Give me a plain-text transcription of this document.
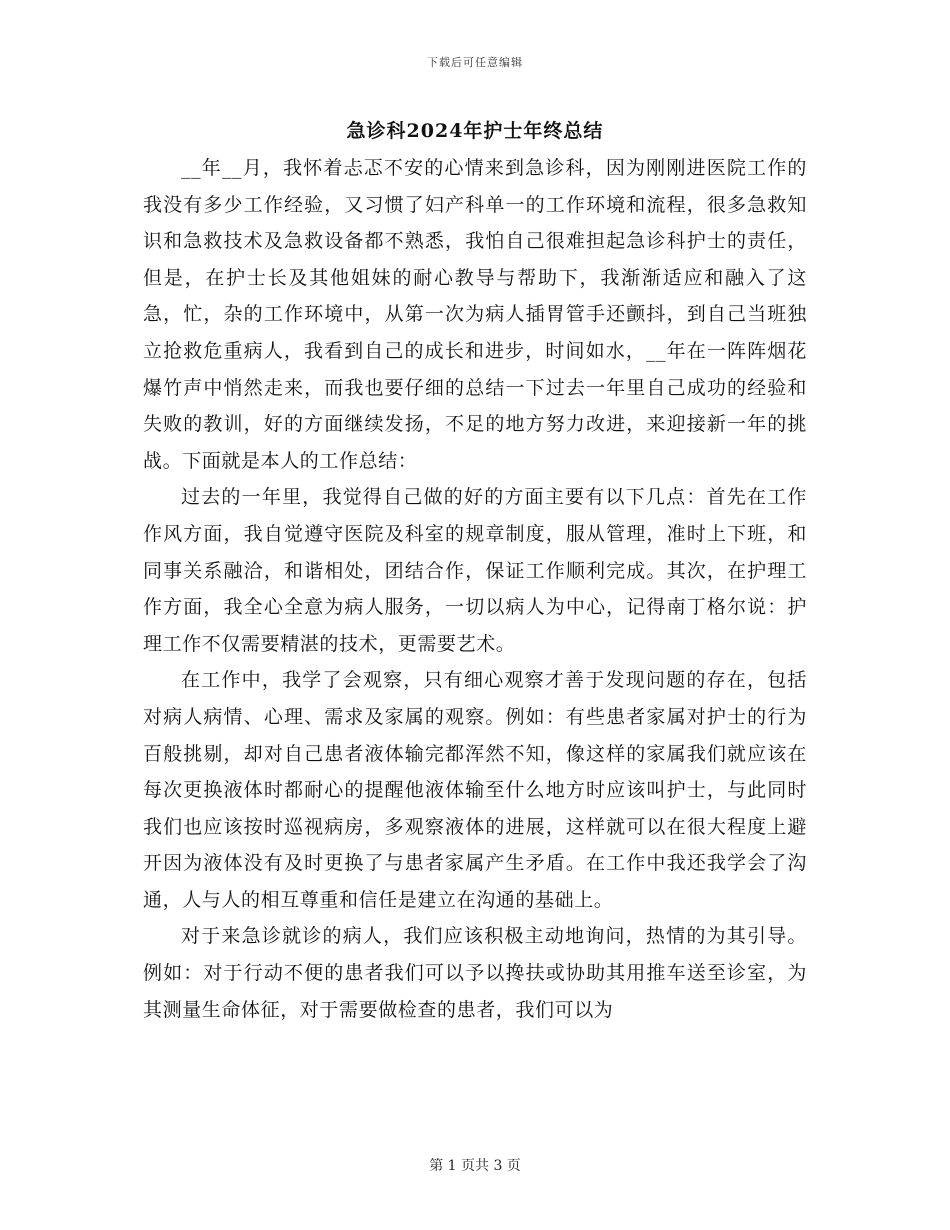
下载后可任意编辑
急诊科2024年护士年终总结

__年__月，我怀着忐忑不安的心情来到急诊科，因为刚刚进医院工作的我没有多少工作经验，又习惯了妇产科单一的工作环境和流程，很多急救知识和急救技术及急救设备都不熟悉，我怕自己很难担起急诊科护士的责任，但是，在护士长及其他姐妹的耐心教导与帮助下，我渐渐适应和融入了这急，忙，杂的工作环境中，从第一次为病人插胃管手还颤抖，到自己当班独立抢救危重病人，我看到自己的成长和进步，时间如水，__年在一阵阵烟花爆竹声中悄然走来，而我也要仔细的总结一下过去一年里自己成功的经验和失败的教训，好的方面继续发扬，不足的地方努力改进，来迎接新一年的挑战。下面就是本人的工作总结：

过去的一年里，我觉得自己做的好的方面主要有以下几点：首先在工作作风方面，我自觉遵守医院及科室的规章制度，服从管理，准时上下班，和同事关系融洽，和谐相处，团结合作，保证工作顺利完成。其次，在护理工作方面，我全心全意为病人服务，一切以病人为中心，记得南丁格尔说：护理工作不仅需要精湛的技术，更需要艺术。

在工作中，我学了会观察，只有细心观察才善于发现问题的存在，包括对病人病情、心理、需求及家属的观察。例如：有些患者家属对护士的行为百般挑剔，却对自己患者液体输完都浑然不知，像这样的家属我们就应该在每次更换液体时都耐心的提醒他液体输至什么地方时应该叫护士，与此同时我们也应该按时巡视病房，多观察液体的进展，这样就可以在很大程度上避开因为液体没有及时更换了与患者家属产生矛盾。在工作中我还我学会了沟通，人与人的相互尊重和信任是建立在沟通的基础上。

对于来急诊就诊的病人，我们应该积极主动地询问，热情的为其引导。例如：对于行动不便的患者我们可以予以搀扶或协助其用推车送至诊室，为其测量生命体征，对于需要做检查的患者，我们可以为

第 1 页共 3 页
